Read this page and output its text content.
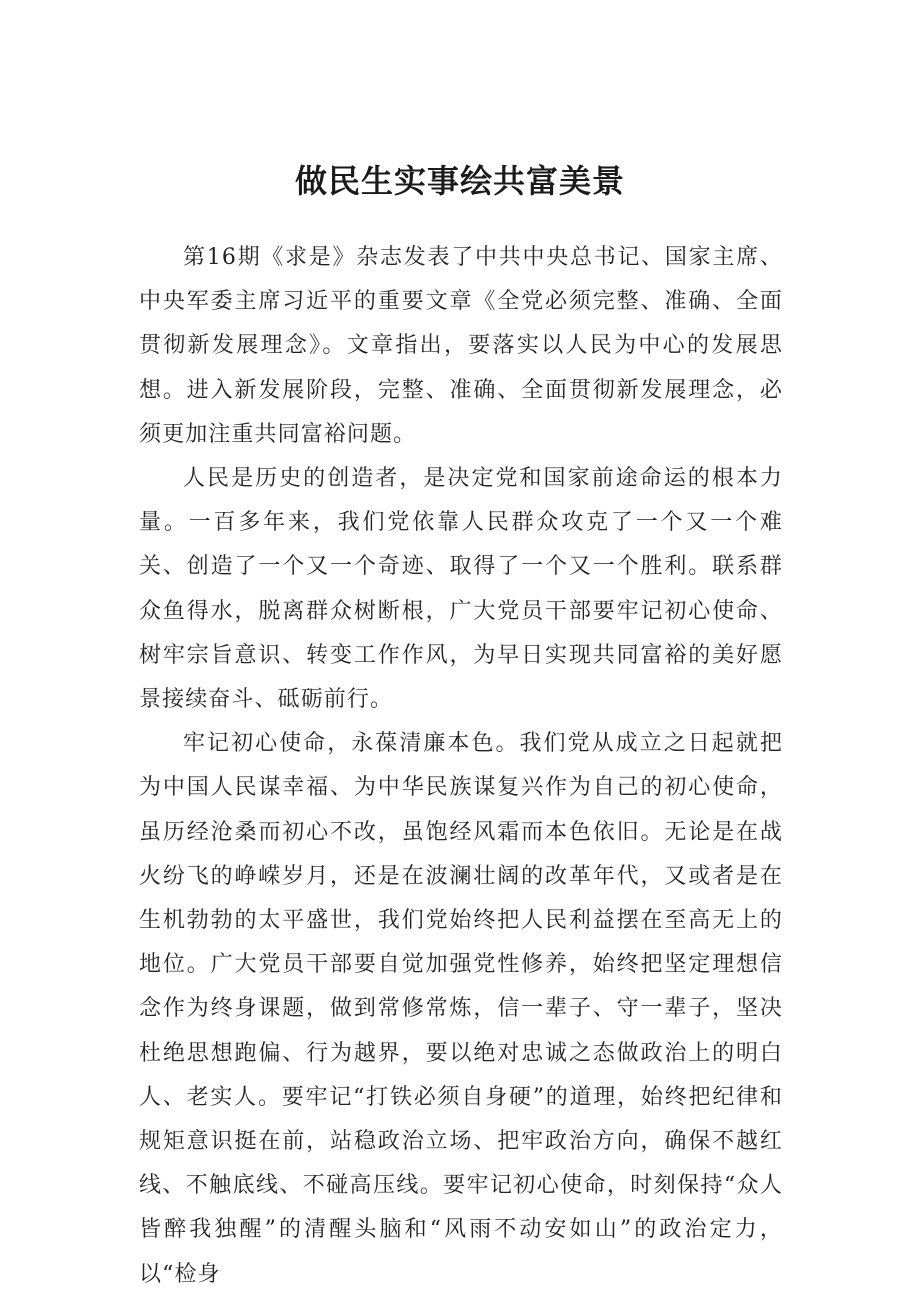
做民生实事绘共富美景

第16期《求是》杂志发表了中共中央总书记、国家主席、中央军委主席习近平的重要文章《全党必须完整、准确、全面贯彻新发展理念》。文章指出，要落实以人民为中心的发展思想。进入新发展阶段，完整、准确、全面贯彻新发展理念，必须更加注重共同富裕问题。

人民是历史的创造者，是决定党和国家前途命运的根本力量。一百多年来，我们党依靠人民群众攻克了一个又一个难关、创造了一个又一个奇迹、取得了一个又一个胜利。联系群众鱼得水，脱离群众树断根，广大党员干部要牢记初心使命、树牢宗旨意识、转变工作作风，为早日实现共同富裕的美好愿景接续奋斗、砥砺前行。

牢记初心使命，永葆清廉本色。我们党从成立之日起就把为中国人民谋幸福、为中华民族谋复兴作为自己的初心使命，虽历经沧桑而初心不改，虽饱经风霜而本色依旧。无论是在战火纷飞的峥嵘岁月，还是在波澜壮阔的改革年代，又或者是在生机勃勃的太平盛世，我们党始终把人民利益摆在至高无上的地位。广大党员干部要自觉加强党性修养，始终把坚定理想信念作为终身课题，做到常修常炼，信一辈子、守一辈子，坚决杜绝思想跑偏、行为越界，要以绝对忠诚之态做政治上的明白人、老实人。要牢记“打铁必须自身硬”的道理，始终把纪律和规矩意识挺在前，站稳政治立场、把牢政治方向，确保不越红线、不触底线、不碰高压线。要牢记初心使命，时刻保持“众人皆醉我独醒”的清醒头脑和“风雨不动安如山”的政治定力，以“检身
